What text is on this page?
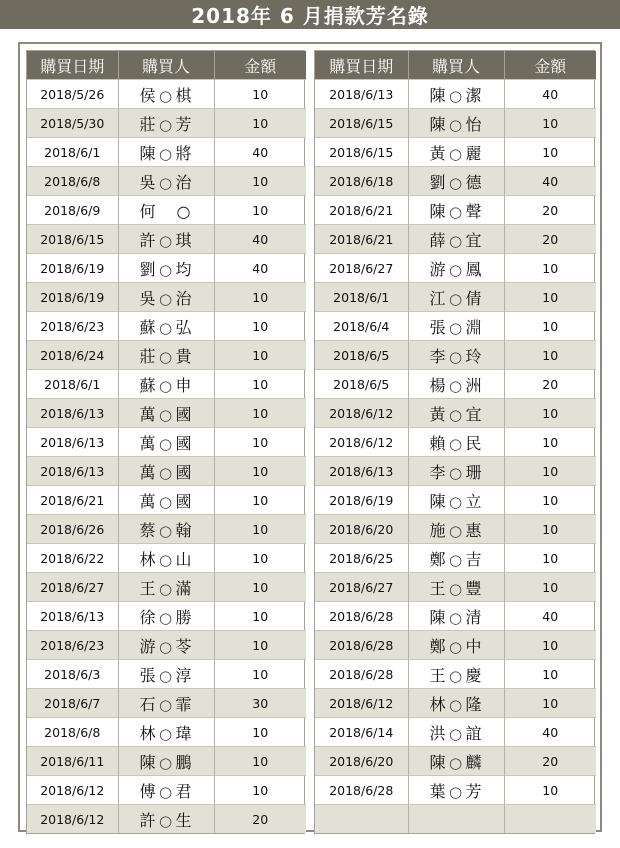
2018年 6 月捐款芳名錄
購買日期	購買人	金額
2018/5/26	侯 ○ 棋	10
2018/5/30	莊 ○ 芳	10
2018/6/1	陳 ○ 將	40
2018/6/8	吳 ○ 治	10
2018/6/9	何 ○	10
2018/6/15	許 ○ 琪	40
2018/6/19	劉 ○ 均	40
2018/6/19	吳 ○ 治	10
2018/6/23	蘇 ○ 弘	10
2018/6/24	莊 ○ 貴	10
2018/6/1	蘇 ○ 申	10
2018/6/13	萬 ○ 國	10
2018/6/13	萬 ○ 國	10
2018/6/13	萬 ○ 國	10
2018/6/21	萬 ○ 國	10
2018/6/26	蔡 ○ 翰	10
2018/6/22	林 ○ 山	10
2018/6/27	王 ○ 滿	10
2018/6/13	徐 ○ 勝	10
2018/6/23	游 ○ 苓	10
2018/6/3	張 ○ 淳	10
2018/6/7	石 ○ 霏	30
2018/6/8	林 ○ 瑋	10
2018/6/11	陳 ○ 鵬	10
2018/6/12	傅 ○ 君	10
2018/6/12	許 ○ 生	20
購買日期	購買人	金額
2018/6/13	陳 ○ 潔	40
2018/6/15	陳 ○ 怡	10
2018/6/15	黃 ○ 麗	10
2018/6/18	劉 ○ 德	40
2018/6/21	陳 ○ 聲	20
2018/6/21	薛 ○ 宜	20
2018/6/27	游 ○ 鳳	10
2018/6/1	江 ○ 倩	10
2018/6/4	張 ○ 淵	10
2018/6/5	李 ○ 玲	10
2018/6/5	楊 ○ 洲	20
2018/6/12	黃 ○ 宜	10
2018/6/12	賴 ○ 民	10
2018/6/13	李 ○ 珊	10
2018/6/19	陳 ○ 立	10
2018/6/20	施 ○ 惠	10
2018/6/25	鄭 ○ 吉	10
2018/6/27	王 ○ 豐	10
2018/6/28	陳 ○ 清	40
2018/6/28	鄭 ○ 中	10
2018/6/28	王 ○ 慶	10
2018/6/12	林 ○ 隆	10
2018/6/14	洪 ○ 誼	40
2018/6/20	陳 ○ 麟	20
2018/6/28	葉 ○ 芳	10
